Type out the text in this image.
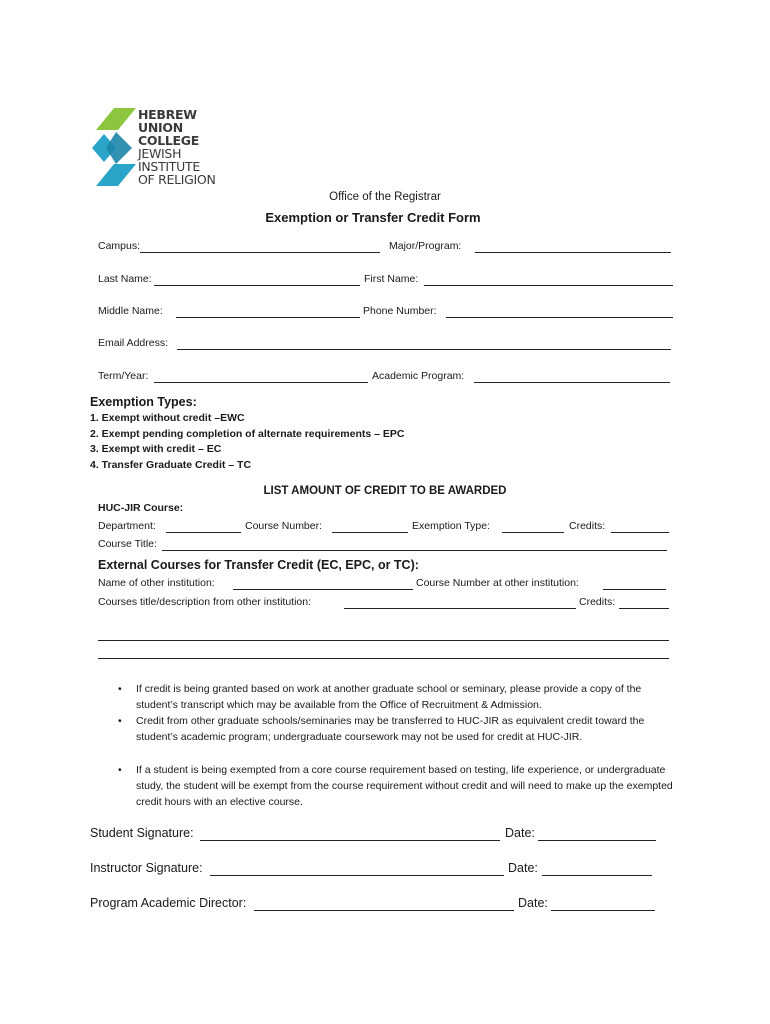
HEBREW
UNION
COLLEGE
JEWISH
INSTITUTE
OF RELIGION
Office of the Registrar
Exemption or Transfer Credit Form
Campus:	Major/Program:
Last Name:	First Name:
Middle Name:	Phone Number:
Email Address:
Term/Year:	Academic Program:
Exemption Types:
1. Exempt without credit –EWC
2. Exempt pending completion of alternate requirements – EPC
3. Exempt with credit – EC
4. Transfer Graduate Credit – TC
LIST AMOUNT OF CREDIT TO BE AWARDED
HUC-JIR Course:
Department:	Course Number:	Exemption Type:	Credits:
Course Title:
External Courses for Transfer Credit (EC, EPC, or TC):
Name of other institution:	Course Number at other institution:
Courses title/description from other institution:	Credits:
• If credit is being granted based on work at another graduate school or seminary, please provide a copy of the student’s transcript which may be available from the Office of Recruitment & Admission.
• Credit from other graduate schools/seminaries may be transferred to HUC-JIR as equivalent credit toward the student’s academic program; undergraduate coursework may not be used for credit at HUC-JIR.
• If a student is being exempted from a core course requirement based on testing, life experience, or undergraduate study, the student will be exempt from the course requirement without credit and will need to make up the exempted credit hours with an elective course.
Student Signature:	Date:
Instructor Signature:	Date:
Program Academic Director:	Date:
